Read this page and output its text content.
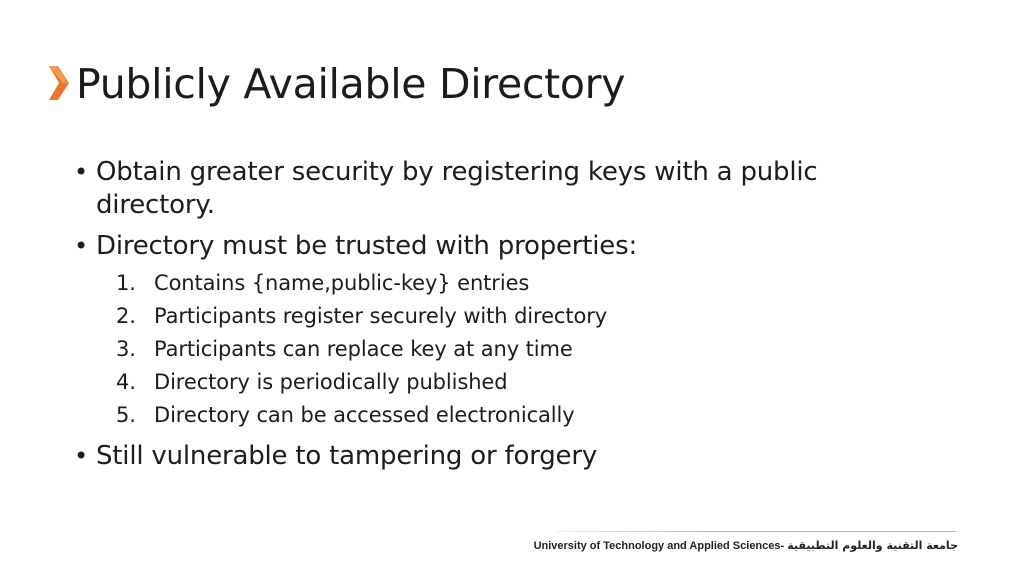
Publicly Available Directory
• Obtain greater security by registering keys with a public directory.
• Directory must be trusted with properties:
1. Contains {name,public-key} entries
2. Participants register securely with directory
3. Participants can replace key at any time
4. Directory is periodically published
5. Directory can be accessed electronically
• Still vulnerable to tampering or forgery
University of Technology and Applied Sciences- جامعة التقنية والعلوم التطبيقية
